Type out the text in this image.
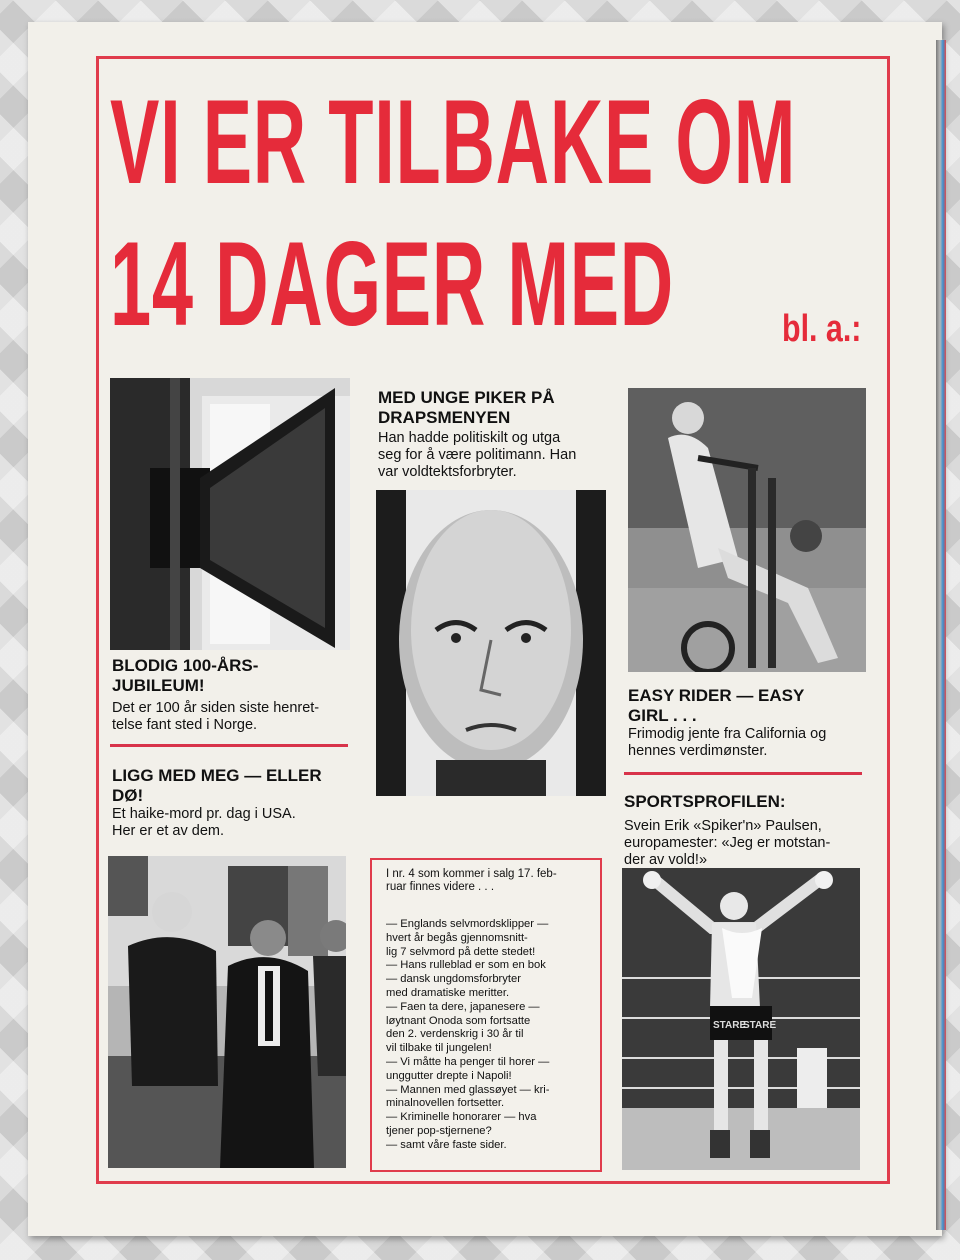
VI ER TILBAKE OM
14 DAGER MED	bl. a.:
BLODIG 100-ÅRS-
JUBILEUM!
Det er 100 år siden siste henret-
telse fant sted i Norge.
LIGG MED MEG — ELLER
DØ!
Et haike-mord pr. dag i USA.
Her er et av dem.
MED UNGE PIKER PÅ
DRAPSMENYEN
Han hadde politiskilt og utga
seg for å være politimann. Han
var voldtektsforbryter.
EASY RIDER — EASY
GIRL . . .
Frimodig jente fra California og
hennes verdimønster.
SPORTSPROFILEN:
Svein Erik «Spiker'n» Paulsen,
europamester: «Jeg er motstan-
der av vold!»
STARE
STARE
I nr. 4 som kommer i salg 17. feb-
ruar finnes videre . . .
— Englands selvmordsklipper —
hvert år begås gjennomsnitt-
lig 7 selvmord på dette stedet!
— Hans rulleblad er som en bok
— dansk ungdomsforbryter
med dramatiske meritter.
— Faen ta dere, japanesere —
løytnant Onoda som fortsatte
den 2. verdenskrig i 30 år til
vil tilbake til jungelen!
— Vi måtte ha penger til horer —
unggutter drepte i Napoli!
— Mannen med glassøyet — kri-
minalnovellen fortsetter.
— Kriminelle honorarer — hva
tjener pop-stjernene?
— samt våre faste sider.
